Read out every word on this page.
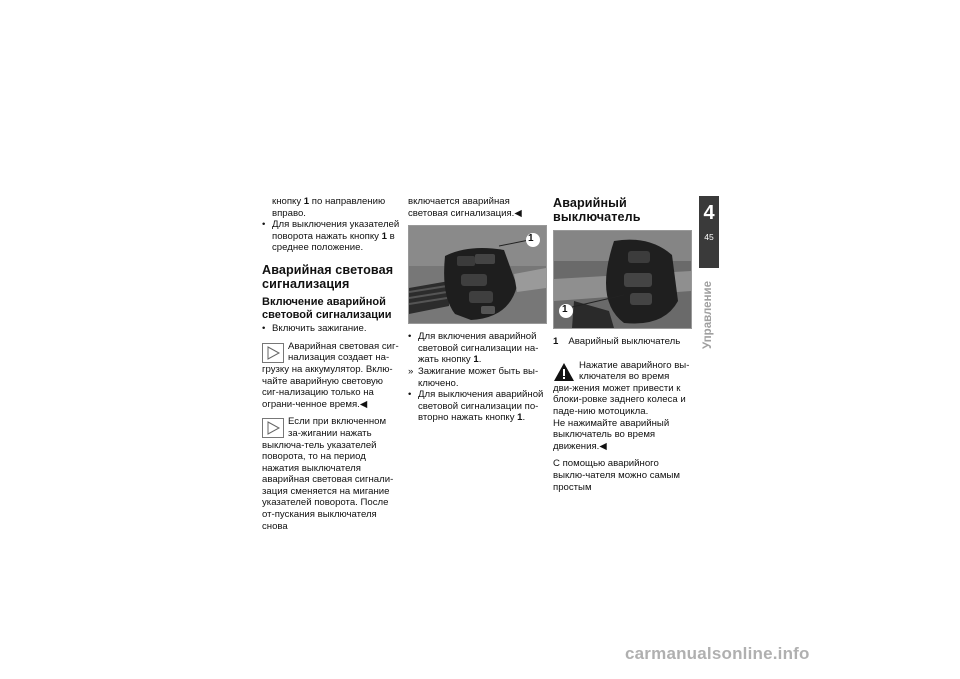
кнопку 1 по направлению вправо.

• Для выключения указателей поворота нажать кнопку 1 в среднее положение.

Аварийная световая сигнализация
Включение аварийной световой сигнализации

• Включить зажигание.

Аварийная световая сиг-нализация создает на-грузку на аккумулятор. Вклю-чайте аварийную световую сиг-нализацию только на ограни-ченное время.◀
Если при включенном за-жигании нажать выключа-тель указателей поворота, то на период нажатия выключателя аварийная световая сигнали-зация сменяется на мигание указателей поворота. После от-пускания выключателя снова

включается аварийная световая сигнализация.◀

1

• Для включения аварийной световой сигнализации на-жать кнопку 1.

» Зажигание может быть вы-ключено.

• Для выключения аварийной световой сигнализации по-вторно нажать кнопку 1.

Аварийный выключатель
1
1 Аварийный выключатель

Нажатие аварийного вы-ключателя во время дви-жения может привести к блоки-ровке заднего колеса и паде-нию мотоцикла.

Не нажимайте аварийный выключатель во время движения.◀

С помощью аварийного выклю-чателя можно самым простым

4
45
Управление
carmanualsonline.info
